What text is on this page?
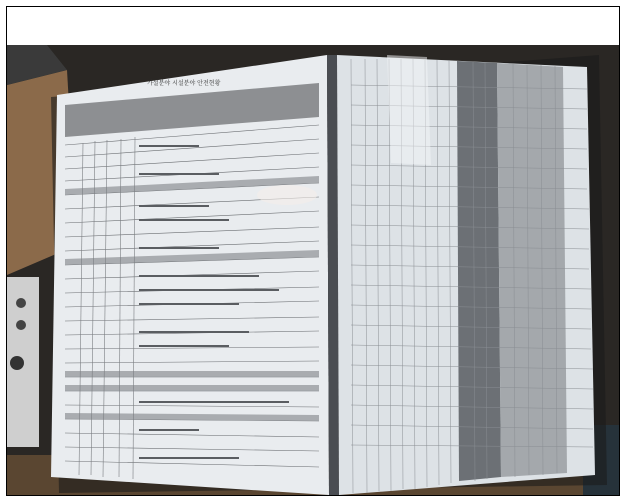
가설분야 시설분야 안전현황
